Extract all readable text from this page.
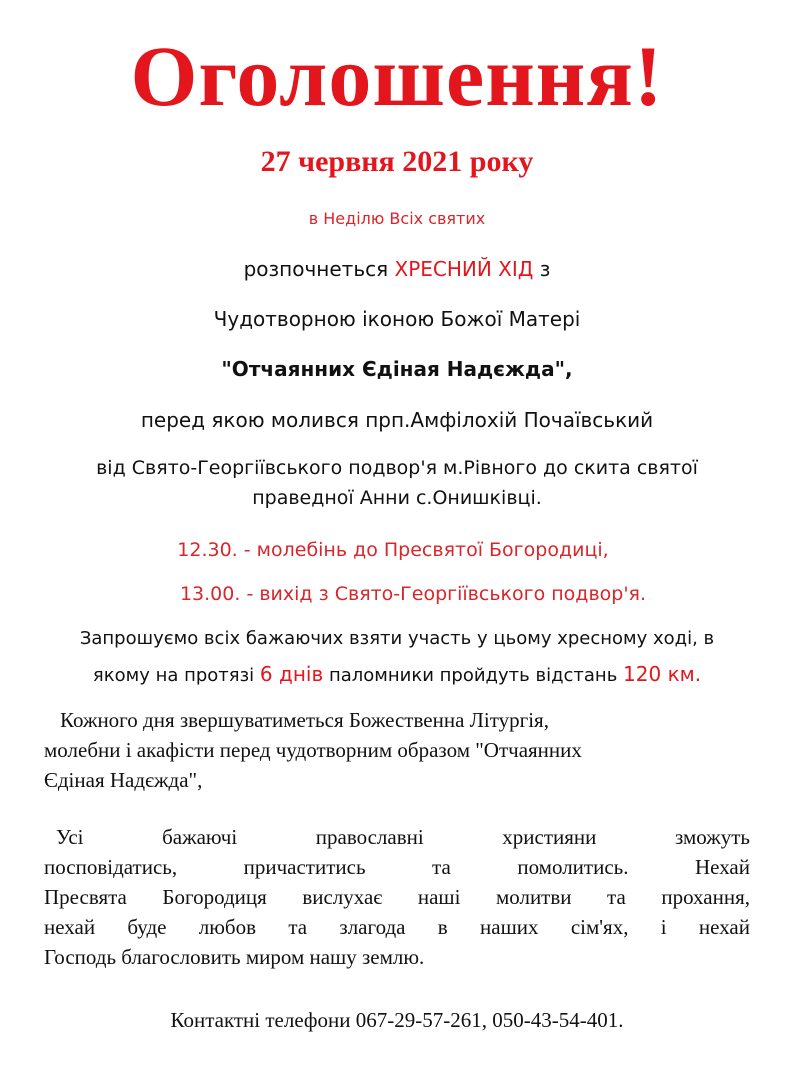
Оголошення!
27 червня 2021 року
в Неділю Всіх святих
розпочнеться ХРЕСНИЙ ХІД з
Чудотворною іконою Божої Матері
"Отчаянних Єдіная Надєжда",
перед якою молився прп.Амфілохій Почаївський
від Свято-Георгіївського подвор'я м.Рівного до скита святої
праведної Анни с.Онишківці.
12.30. - молебінь до Пресвятої Богородиці,
13.00. - вихід з Свято-Георгіївського подвор'я.
Запрошуємо всіх бажаючих взяти участь у цьому хресному ході, в
якому на протязі 6 днів паломники пройдуть відстань 120 км.
Кожного дня звершуватиметься Божественна Літургія,
молебни і акафісти перед чудотворним образом "Отчаянних
Єдіная Надєжда",
Усі бажаючі православні християни зможуть
посповідатись, причаститись та помолитись. Нехай
Пресвята Богородиця вислухає наші молитви та прохання,
нехай буде любов та злагода в наших сім'ях, і нехай
Господь благословить миром нашу землю.
Контактні телефони 067-29-57-261, 050-43-54-401.
